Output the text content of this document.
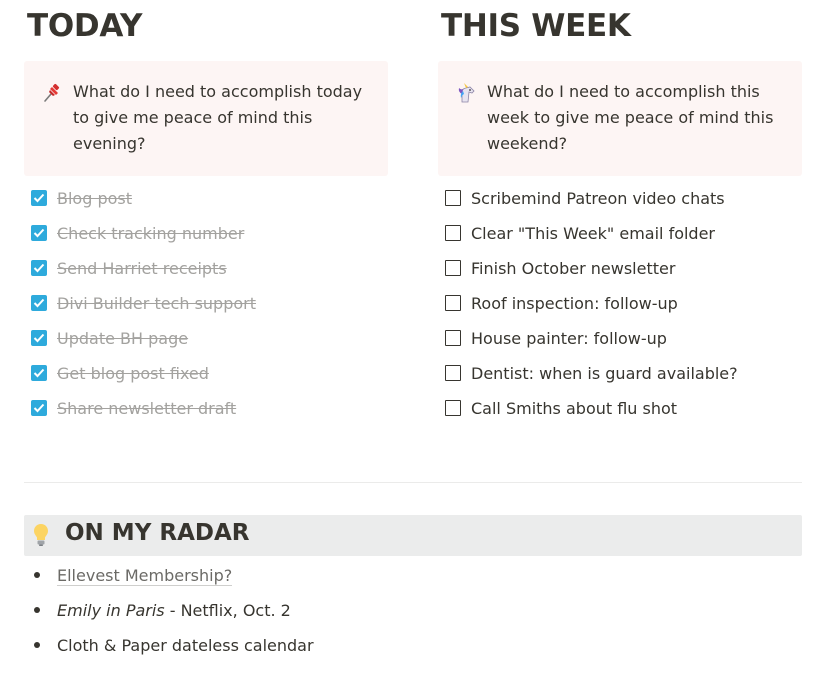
TODAY
What do I need to accomplish today to give me peace of mind this evening?
Blog post
Check tracking number
Send Harriet receipts
Divi Builder tech support
Update BH page
Get blog post fixed
Share newsletter draft
THIS WEEK
What do I need to accomplish this week to give me peace of mind this weekend?
Scribemind Patreon video chats
Clear "This Week" email folder
Finish October newsletter
Roof inspection: follow-up
House painter: follow-up
Dentist: when is guard available?
Call Smiths about flu shot
ON MY RADAR
Ellevest Membership?
Emily in Paris - Netflix, Oct. 2
Cloth & Paper dateless calendar
